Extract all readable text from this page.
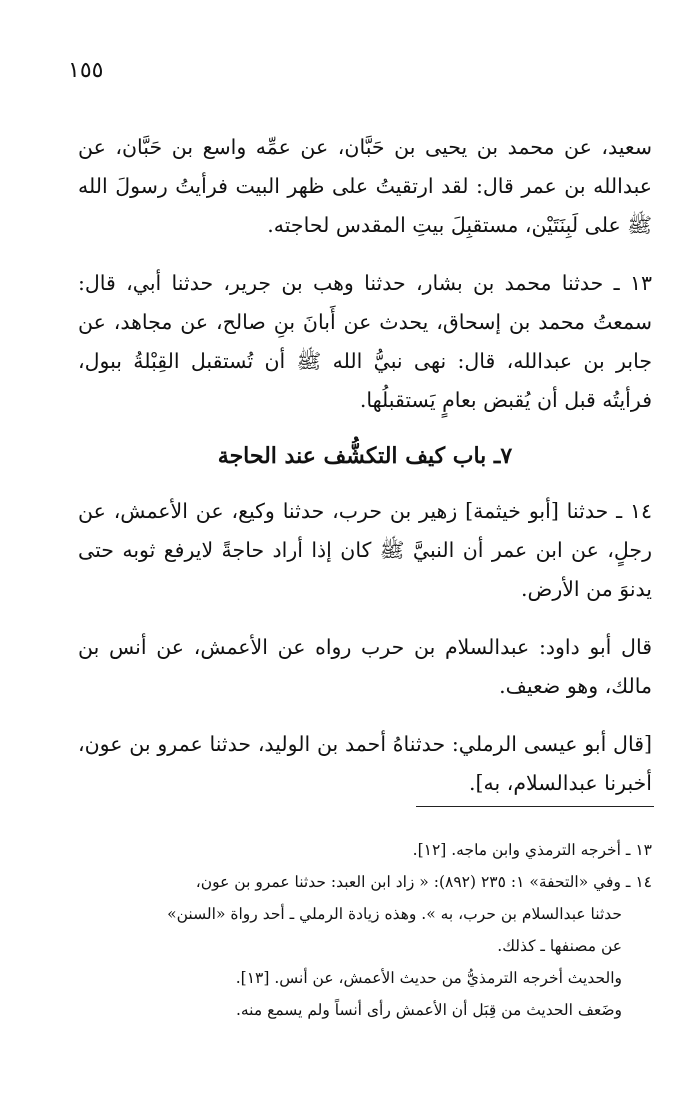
١٥٥

سعيد، عن محمد بن يحيى بن حَبَّان، عن عمِّه واسع بن حَبَّان، عن عبدالله بن عمر قال: لقد ارتقيتُ على ظهر البيت فرأيتُ رسولَ الله ﷺ على لَبِنَتَيْن، مستقبِلَ بيتِ المقدس لحاجته.

١٣ ـ حدثنا محمد بن بشار، حدثنا وهب بن جرير، حدثنا أبي، قال: سمعتُ محمد بن إسحاق، يحدث عن أَبانَ بنِ صالح، عن مجاهد، عن جابر بن عبدالله، قال: نهى نبيُّ الله ﷺ أن تُستقبل القِبْلةُ ببول، فرأيتُه قبل أن يُقبض بعامٍ يَستقبلُها.

٧ـ باب كيف التكشُّف عند الحاجة

١٤ ـ حدثنا [أبو خيثمة] زهير بن حرب، حدثنا وكيع، عن الأعمش، عن رجلٍ، عن ابن عمر أن النبيَّ ﷺ كان إذا أراد حاجةً لايرفع ثوبه حتى يدنوَ من الأرض.

قال أبو داود: عبدالسلام بن حرب رواه عن الأعمش، عن أنس بن مالك، وهو ضعيف.

[قال أبو عيسى الرملي: حدثناهُ أحمد بن الوليد، حدثنا عمرو بن عون، أخبرنا عبدالسلام، به].

١٣ ـ أخرجه الترمذي وابن ماجه. [١٢].

١٤ ـ وفي «التحفة» ١: ٢٣٥ (٨٩٢): « زاد ابن العبد: حدثنا عمرو بن عون،

حدثنا عبدالسلام بن حرب، به ». وهذه زيادة الرملي ـ أحد رواة «السنن»

عن مصنفها ـ كذلك.

والحديث أخرجه الترمذيُّ من حديث الأعمش، عن أنس. [١٣].

وضَعف الحديث من قِبَل أن الأعمش رأى أنساً ولم يسمع منه.
